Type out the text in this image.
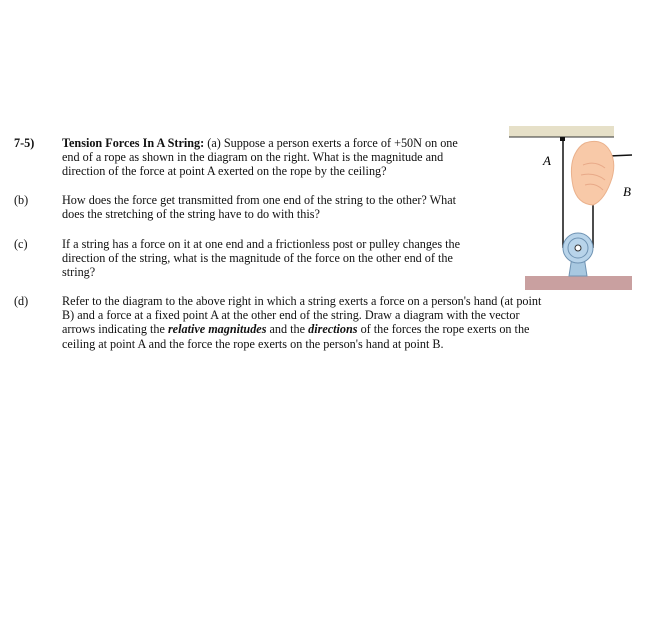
7-5) Tension Forces In A String: (a) Suppose a person exerts a force of +50N on one
end of a rope as shown in the diagram on the right. What is the magnitude and
direction of the force at point A exerted on the rope by the ceiling?
(b)	How does the force get transmitted from one end of the string to the other? What
does the stretching of the string have to do with this?
(c)	If a string has a force on it at one end and a frictionless post or pulley changes the
direction of the string, what is the magnitude of the force on the other end of the
string?
(d)	Refer to the diagram to the above right in which a string exerts a force on a person's hand (at point
B) and a force at a fixed point A at the other end of the string. Draw a diagram with the vector
arrows indicating the relative magnitudes and the directions of the forces the rope exerts on the
ceiling at point A and the force the rope exerts on the person's hand at point B.
A
B
